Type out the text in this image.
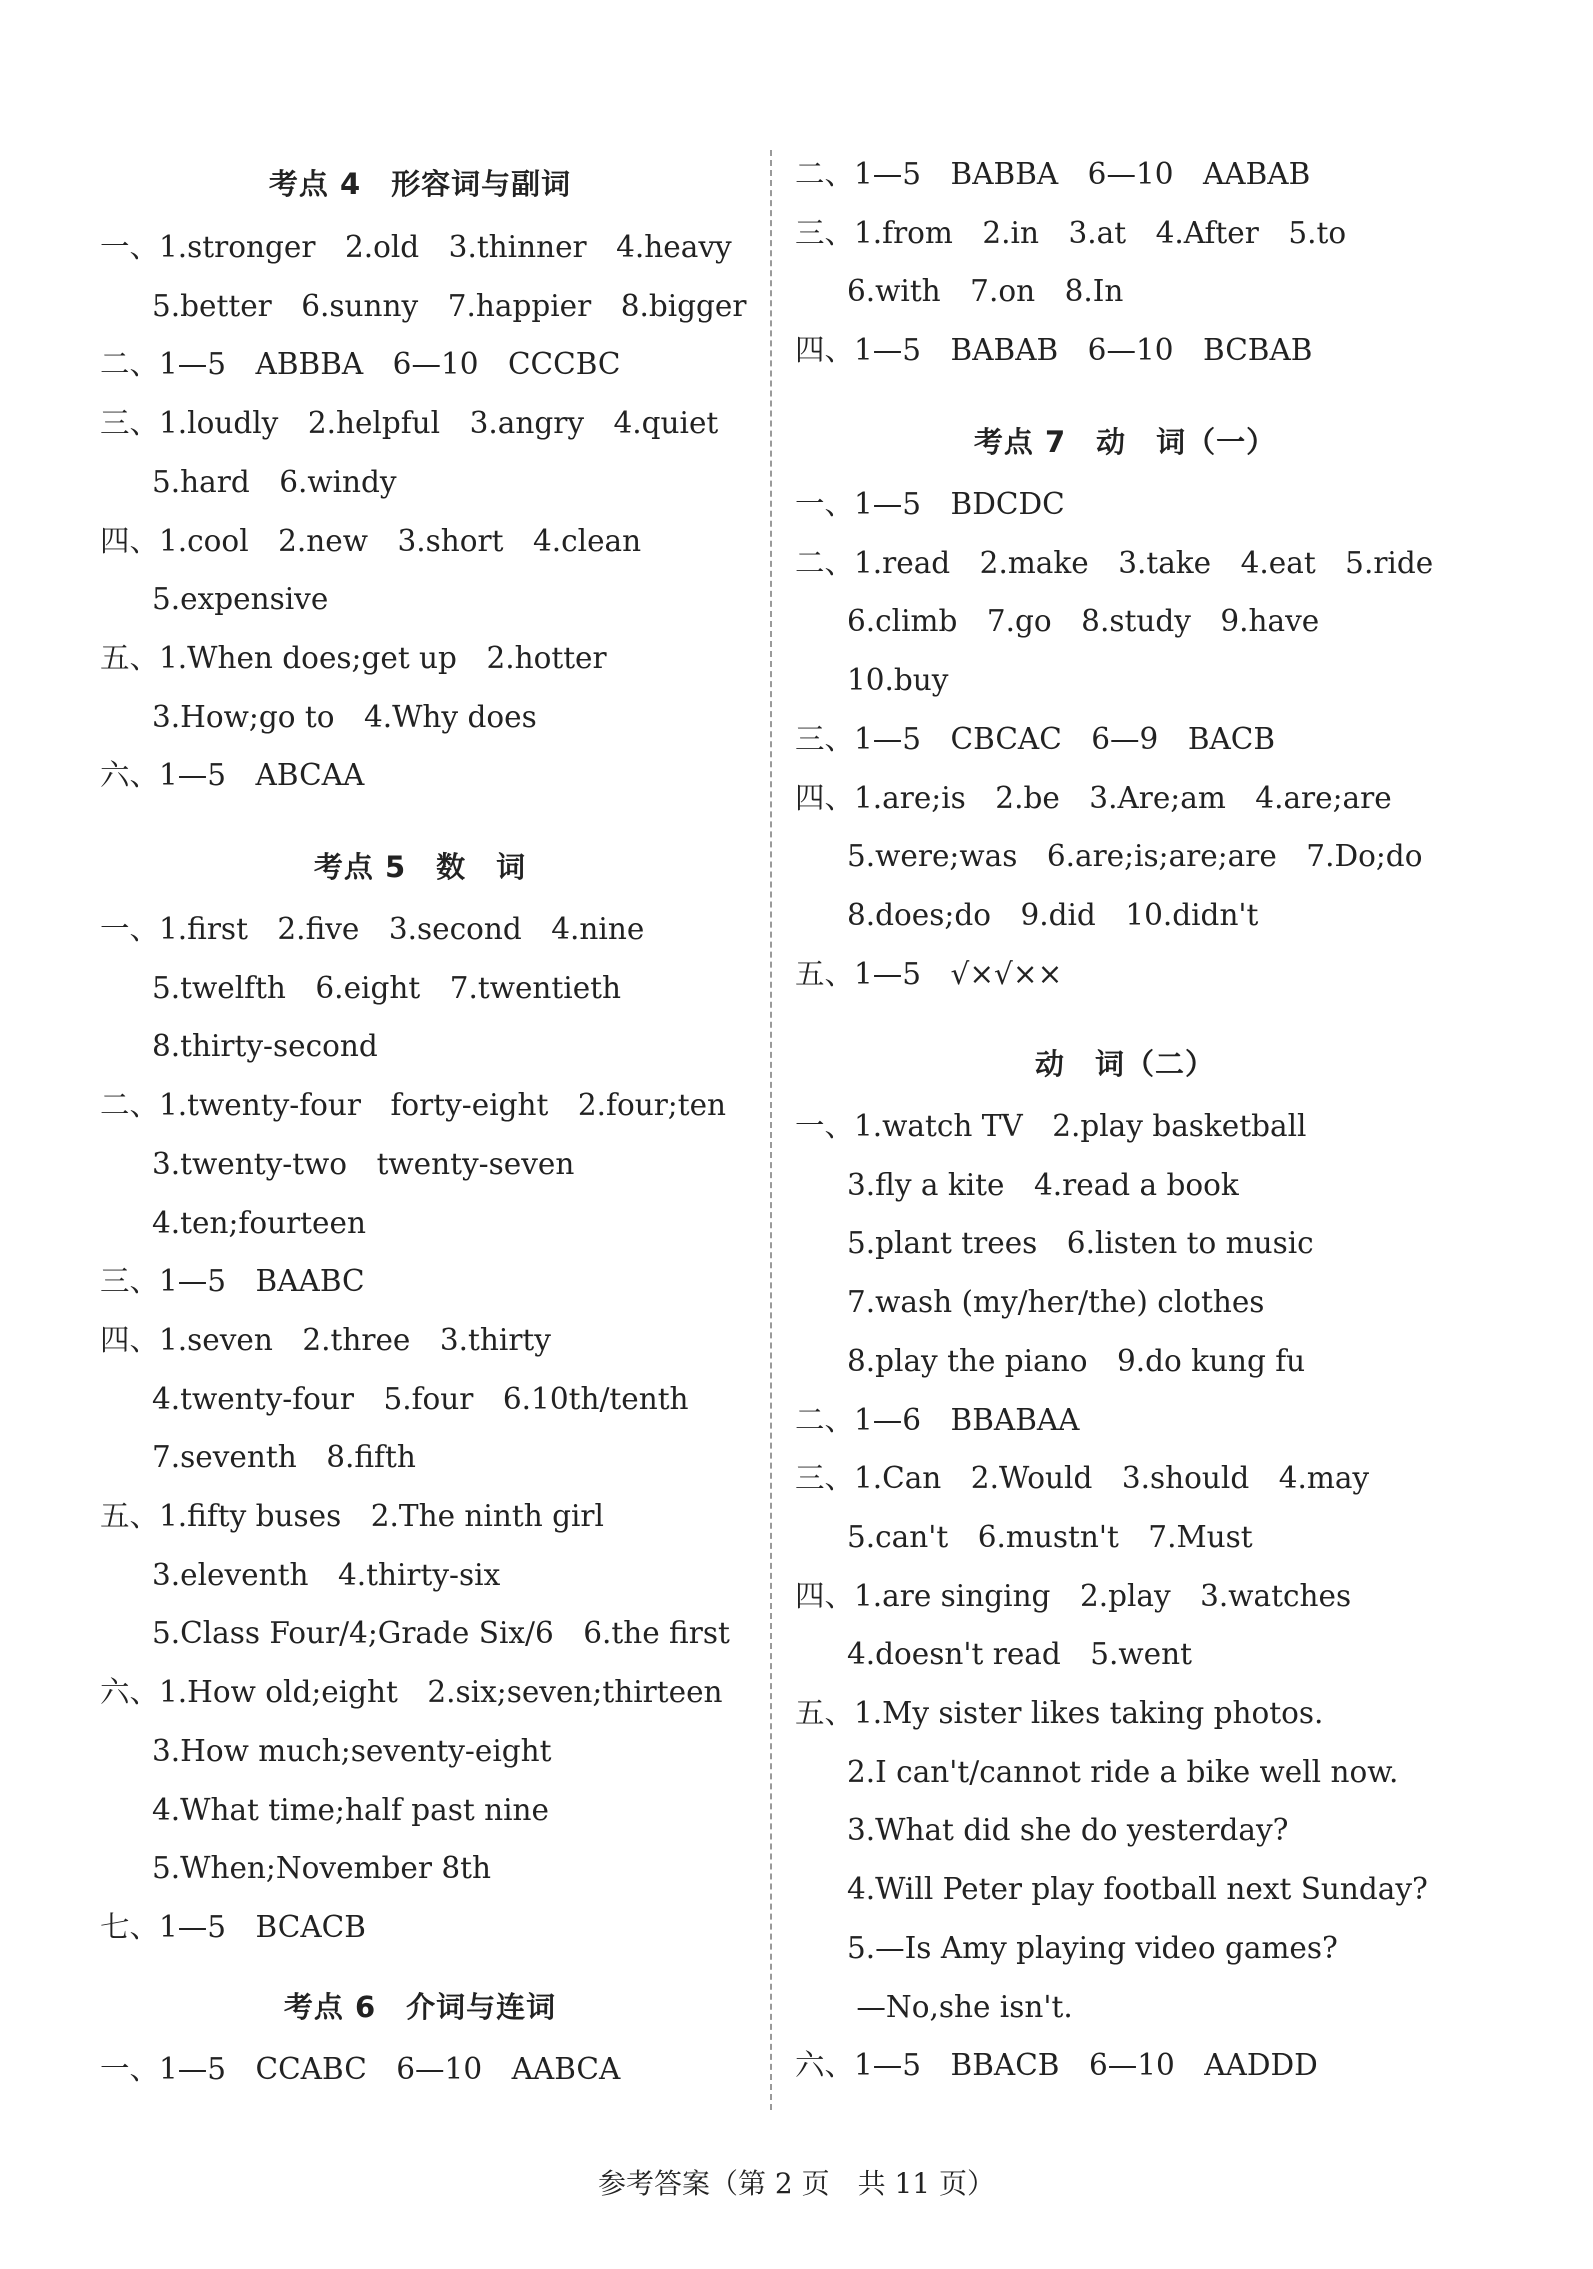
考点 4　形容词与副词
一、1.stronger　2.old　3.thinner　4.heavy
5.better　6.sunny　7.happier　8.bigger
二、1—5　ABBBA　6—10　CCCBC
三、1.loudly　2.helpful　3.angry　4.quiet
5.hard　6.windy
四、1.cool　2.new　3.short　4.clean
5.expensive
五、1.When does;get up　2.hotter
3.How;go to　4.Why does
六、1—5　ABCAA
考点 5　数　词
一、1.first　2.five　3.second　4.nine
5.twelfth　6.eight　7.twentieth
8.thirty-second
二、1.twenty-four　forty-eight　2.four;ten
3.twenty-two　twenty-seven
4.ten;fourteen
三、1—5　BAABC
四、1.seven　2.three　3.thirty
4.twenty-four　5.four　6.10th/tenth
7.seventh　8.fifth
五、1.fifty buses　2.The ninth girl
3.eleventh　4.thirty-six
5.Class Four/4;Grade Six/6　6.the first
六、1.How old;eight　2.six;seven;thirteen
3.How much;seventy-eight
4.What time;half past nine
5.When;November 8th
七、1—5　BCACB
考点 6　介词与连词
一、1—5　CCABC　6—10　AABCA
二、1—5　BABBA　6—10　AABAB
三、1.from　2.in　3.at　4.After　5.to
6.with　7.on　8.In
四、1—5　BABAB　6—10　BCBAB
考点 7　动　词（一）
一、1—5　BDCDC
二、1.read　2.make　3.take　4.eat　5.ride
6.climb　7.go　8.study　9.have
10.buy
三、1—5　CBCAC　6—9　BACB
四、1.are;is　2.be　3.Are;am　4.are;are
5.were;was　6.are;is;are;are　7.Do;do
8.does;do　9.did　10.didn't
五、1—5　√×√××
动　词（二）
一、1.watch TV　2.play basketball
3.fly a kite　4.read a book
5.plant trees　6.listen to music
7.wash (my/her/the) clothes
8.play the piano　9.do kung fu
二、1—6　BBABAA
三、1.Can　2.Would　3.should　4.may
5.can't　6.mustn't　7.Must
四、1.are singing　2.play　3.watches
4.doesn't read　5.went
五、1.My sister likes taking photos.
2.I can't/cannot ride a bike well now.
3.What did she do yesterday?
4.Will Peter play football next Sunday?
5.—Is Amy playing video games?
—No,she isn't.
六、1—5　BBACB　6—10　AADDD
参考答案（第 2 页　共 11 页）
